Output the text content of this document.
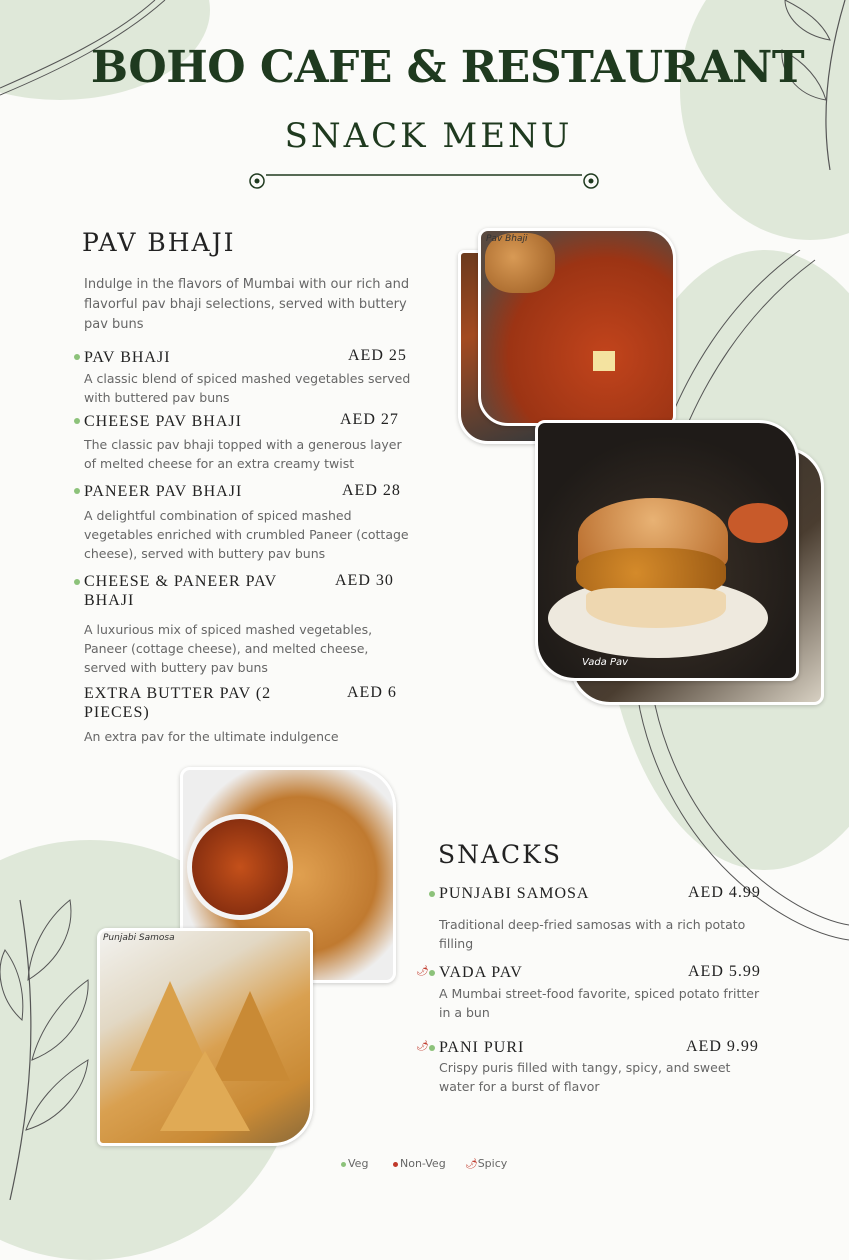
BOHO CAFE & RESTAURANT
SNACK MENU
PAV BHAJI
Indulge in the flavors of Mumbai with our rich and flavorful pav bhaji selections, served with buttery pav buns
PAV BHAJI	AED 25
A classic blend of spiced mashed vegetables served with buttered pav buns
CHEESE PAV BHAJI	AED 27
The classic pav bhaji topped with a generous layer of melted cheese for an extra creamy twist
PANEER PAV BHAJI	AED 28
A delightful combination of spiced mashed vegetables enriched with crumbled Paneer (cottage cheese), served with buttery pav buns
CHEESE & PANEER PAV BHAJI
AED 30
A luxurious mix of spiced mashed vegetables, Paneer (cottage cheese), and melted cheese, served with buttery pav buns
EXTRA BUTTER PAV (2 PIECES)
AED 6
An extra pav for the ultimate indulgence
Pav Bhaji
Vada Pav
Punjabi Samosa
SNACKS
PUNJABI SAMOSA	AED 4.99
Traditional deep-fried samosas with a rich potato filling
🌶 VADA PAV	AED 5.99
A Mumbai street-food favorite, spiced potato fritter in a bun
🌶 PANI PURI	AED 9.99
Crispy puris filled with tangy, spicy, and sweet water for a burst of flavor
Veg	Non-Veg 🌶Spicy
